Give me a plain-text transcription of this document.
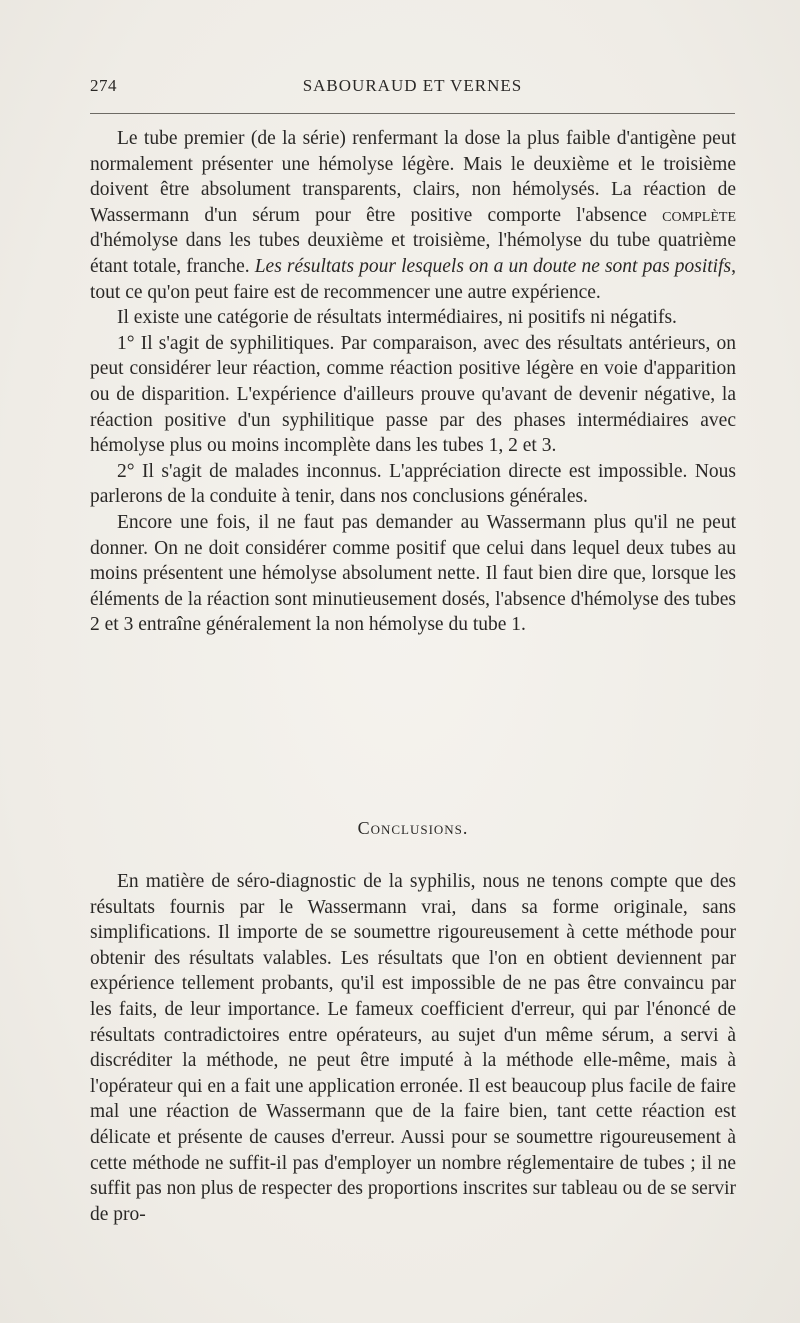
274	SABOURAUD ET VERNES

Le tube premier (de la série) renfermant la dose la plus faible d'antigène peut normalement présenter une hémolyse légère. Mais le deuxième et le troisième doivent être absolument transparents, clairs, non hémolysés. La réaction de Wassermann d'un sérum pour être positive comporte l'absence complète d'hémolyse dans les tubes deuxième et troisième, l'hémolyse du tube quatrième étant totale, franche. Les résultats pour lesquels on a un doute ne sont pas positifs, tout ce qu'on peut faire est de recommencer une autre expérience.

Il existe une catégorie de résultats intermédiaires, ni positifs ni négatifs.

1° Il s'agit de syphilitiques. Par comparaison, avec des résultats antérieurs, on peut considérer leur réaction, comme réaction positive légère en voie d'apparition ou de disparition. L'expérience d'ailleurs prouve qu'avant de devenir négative, la réaction positive d'un syphilitique passe par des phases intermédiaires avec hémolyse plus ou moins incomplète dans les tubes 1, 2 et 3.

2° Il s'agit de malades inconnus. L'appréciation directe est impossible. Nous parlerons de la conduite à tenir, dans nos conclusions générales.

Encore une fois, il ne faut pas demander au Wassermann plus qu'il ne peut donner. On ne doit considérer comme positif que celui dans lequel deux tubes au moins présentent une hémolyse absolument nette. Il faut bien dire que, lorsque les éléments de la réaction sont minutieusement dosés, l'absence d'hémolyse des tubes 2 et 3 entraîne généralement la non hémolyse du tube 1.

Conclusions.

En matière de séro-diagnostic de la syphilis, nous ne tenons compte que des résultats fournis par le Wassermann vrai, dans sa forme originale, sans simplifications. Il importe de se soumettre rigoureusement à cette méthode pour obtenir des résultats valables. Les résultats que l'on en obtient deviennent par expérience tellement probants, qu'il est impossible de ne pas être convaincu par les faits, de leur importance. Le fameux coefficient d'erreur, qui par l'énoncé de résultats contradictoires entre opérateurs, au sujet d'un même sérum, a servi à discréditer la méthode, ne peut être imputé à la méthode elle-même, mais à l'opérateur qui en a fait une application erronée. Il est beaucoup plus facile de faire mal une réaction de Wassermann que de la faire bien, tant cette réaction est délicate et présente de causes d'erreur. Aussi pour se soumettre rigoureusement à cette méthode ne suffit-il pas d'employer un nombre réglementaire de tubes ; il ne suffit pas non plus de respecter des proportions inscrites sur tableau ou de se servir de pro-
